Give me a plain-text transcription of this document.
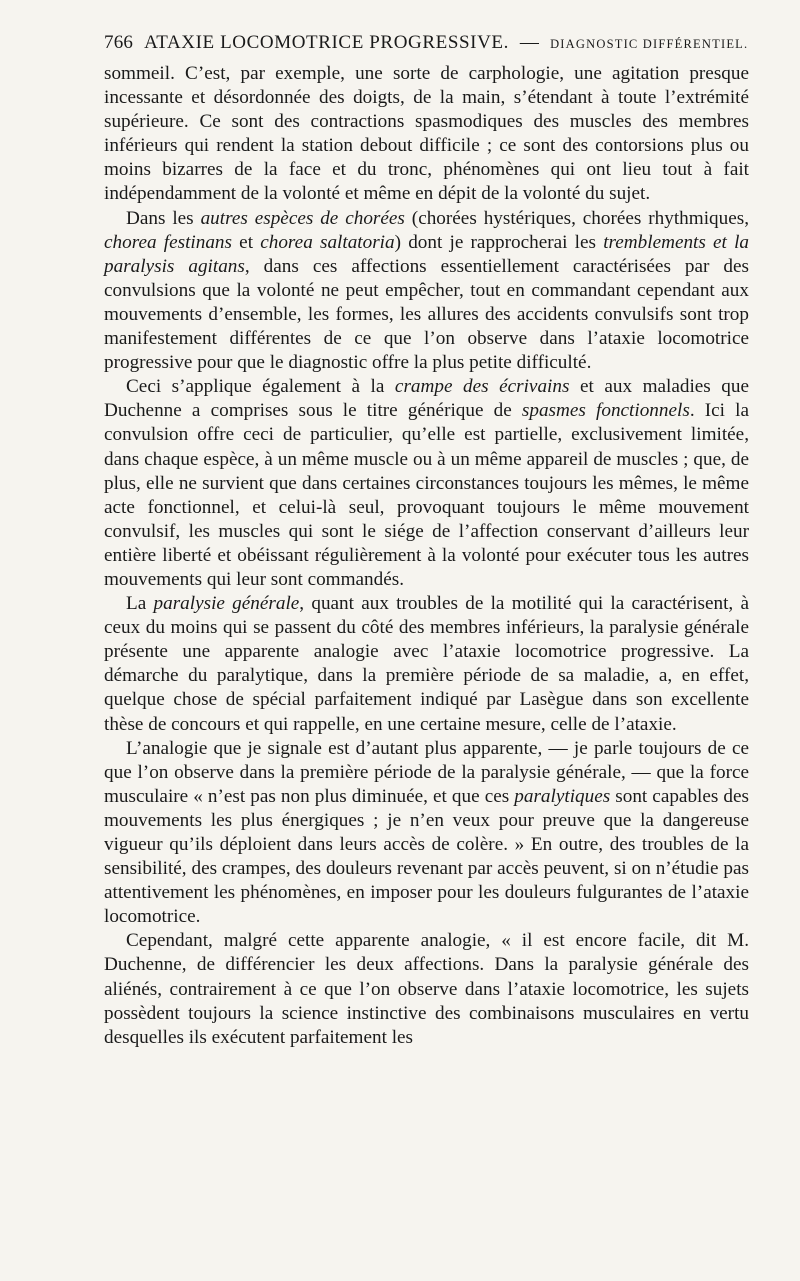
766 ATAXIE LOCOMOTRICE PROGRESSIVE. — DIAGNOSTIC DIFFÉRENTIEL.

sommeil. C’est, par exemple, une sorte de carphologie, une agitation presque incessante et désordonnée des doigts, de la main, s’étendant à toute l’extrémité supérieure. Ce sont des contractions spasmodiques des muscles des membres inférieurs qui rendent la station debout difficile ; ce sont des contorsions plus ou moins bizarres de la face et du tronc, phénomènes qui ont lieu tout à fait indépendamment de la volonté et même en dépit de la volonté du sujet.

Dans les autres espèces de chorées (chorées hystériques, chorées rhythmiques, chorea festinans et chorea saltatoria) dont je rapprocherai les tremblements et la paralysis agitans, dans ces affections essentiellement caractérisées par des convulsions que la volonté ne peut empêcher, tout en commandant cependant aux mouvements d’ensemble, les formes, les allures des accidents convulsifs sont trop manifestement différentes de ce que l’on observe dans l’ataxie locomotrice progressive pour que le diagnostic offre la plus petite difficulté.

Ceci s’applique également à la crampe des écrivains et aux maladies que Duchenne a comprises sous le titre générique de spasmes fonctionnels. Ici la convulsion offre ceci de particulier, qu’elle est partielle, exclusivement limitée, dans chaque espèce, à un même muscle ou à un même appareil de muscles ; que, de plus, elle ne survient que dans certaines circonstances toujours les mêmes, le même acte fonctionnel, et celui-là seul, provoquant toujours le même mouvement convulsif, les muscles qui sont le siége de l’affection conservant d’ailleurs leur entière liberté et obéissant régulièrement à la volonté pour exécuter tous les autres mouvements qui leur sont commandés.

La paralysie générale, quant aux troubles de la motilité qui la caractérisent, à ceux du moins qui se passent du côté des membres inférieurs, la paralysie générale présente une apparente analogie avec l’ataxie locomotrice progressive. La démarche du paralytique, dans la première période de sa maladie, a, en effet, quelque chose de spécial parfaitement indiqué par Lasègue dans son excellente thèse de concours et qui rappelle, en une certaine mesure, celle de l’ataxie.

L’analogie que je signale est d’autant plus apparente, — je parle toujours de ce que l’on observe dans la première période de la paralysie générale, — que la force musculaire « n’est pas non plus diminuée, et que ces paralytiques sont capables des mouvements les plus énergiques ; je n’en veux pour preuve que la dangereuse vigueur qu’ils déploient dans leurs accès de colère. » En outre, des troubles de la sensibilité, des crampes, des douleurs revenant par accès peuvent, si on n’étudie pas attentivement les phénomènes, en imposer pour les douleurs fulgurantes de l’ataxie locomotrice.

Cependant, malgré cette apparente analogie, « il est encore facile, dit M. Duchenne, de différencier les deux affections. Dans la paralysie générale des aliénés, contrairement à ce que l’on observe dans l’ataxie locomotrice, les sujets possèdent toujours la science instinctive des combinaisons musculaires en vertu desquelles ils exécutent parfaitement les
